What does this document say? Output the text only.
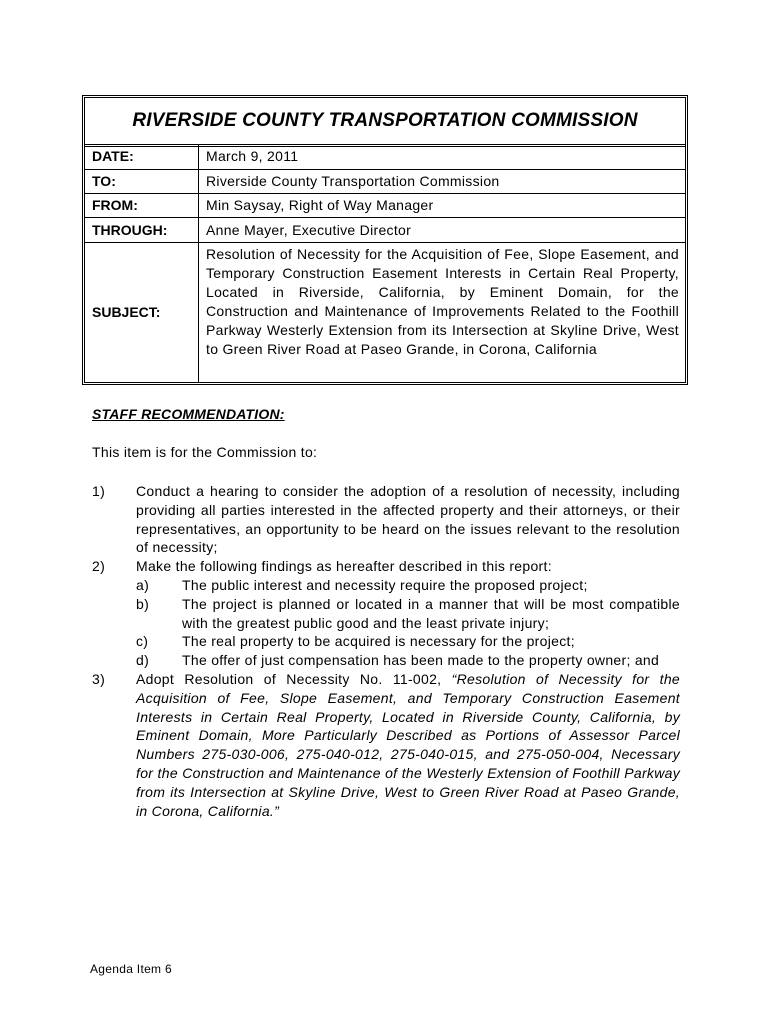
RIVERSIDE COUNTY TRANSPORTATION COMMISSION
DATE:	March 9, 2011
TO:	Riverside County Transportation Commission
FROM:	Min Saysay, Right of Way Manager
THROUGH:	Anne Mayer, Executive Director
SUBJECT:
Resolution of Necessity for the Acquisition of Fee, Slope Easement, and Temporary Construction Easement Interests in Certain Real Property, Located in Riverside, California, by Eminent Domain, for the Construction and Maintenance of Improvements Related to the Foothill Parkway Westerly Extension from its Intersection at Skyline Drive, West to Green River Road at Paseo Grande, in Corona, California
STAFF RECOMMENDATION:
This item is for the Commission to:
1) Conduct a hearing to consider the adoption of a resolution of necessity, including providing all parties interested in the affected property and their attorneys, or their representatives, an opportunity to be heard on the issues relevant to the resolution of necessity;
2) Make the following findings as hereafter described in this report:
a) The public interest and necessity require the proposed project;
b) The project is planned or located in a manner that will be most compatible with the greatest public good and the least private injury;
c) The real property to be acquired is necessary for the project;
d) The offer of just compensation has been made to the property owner; and
3) Adopt Resolution of Necessity No. 11-002, “Resolution of Necessity for the Acquisition of Fee, Slope Easement, and Temporary Construction Easement Interests in Certain Real Property, Located in Riverside County, California, by Eminent Domain, More Particularly Described as Portions of Assessor Parcel Numbers 275-030-006, 275-040-012, 275-040-015, and 275-050-004, Necessary for the Construction and Maintenance of the Westerly Extension of Foothill Parkway from its Intersection at Skyline Drive, West to Green River Road at Paseo Grande, in Corona, California.”
Agenda Item 6
